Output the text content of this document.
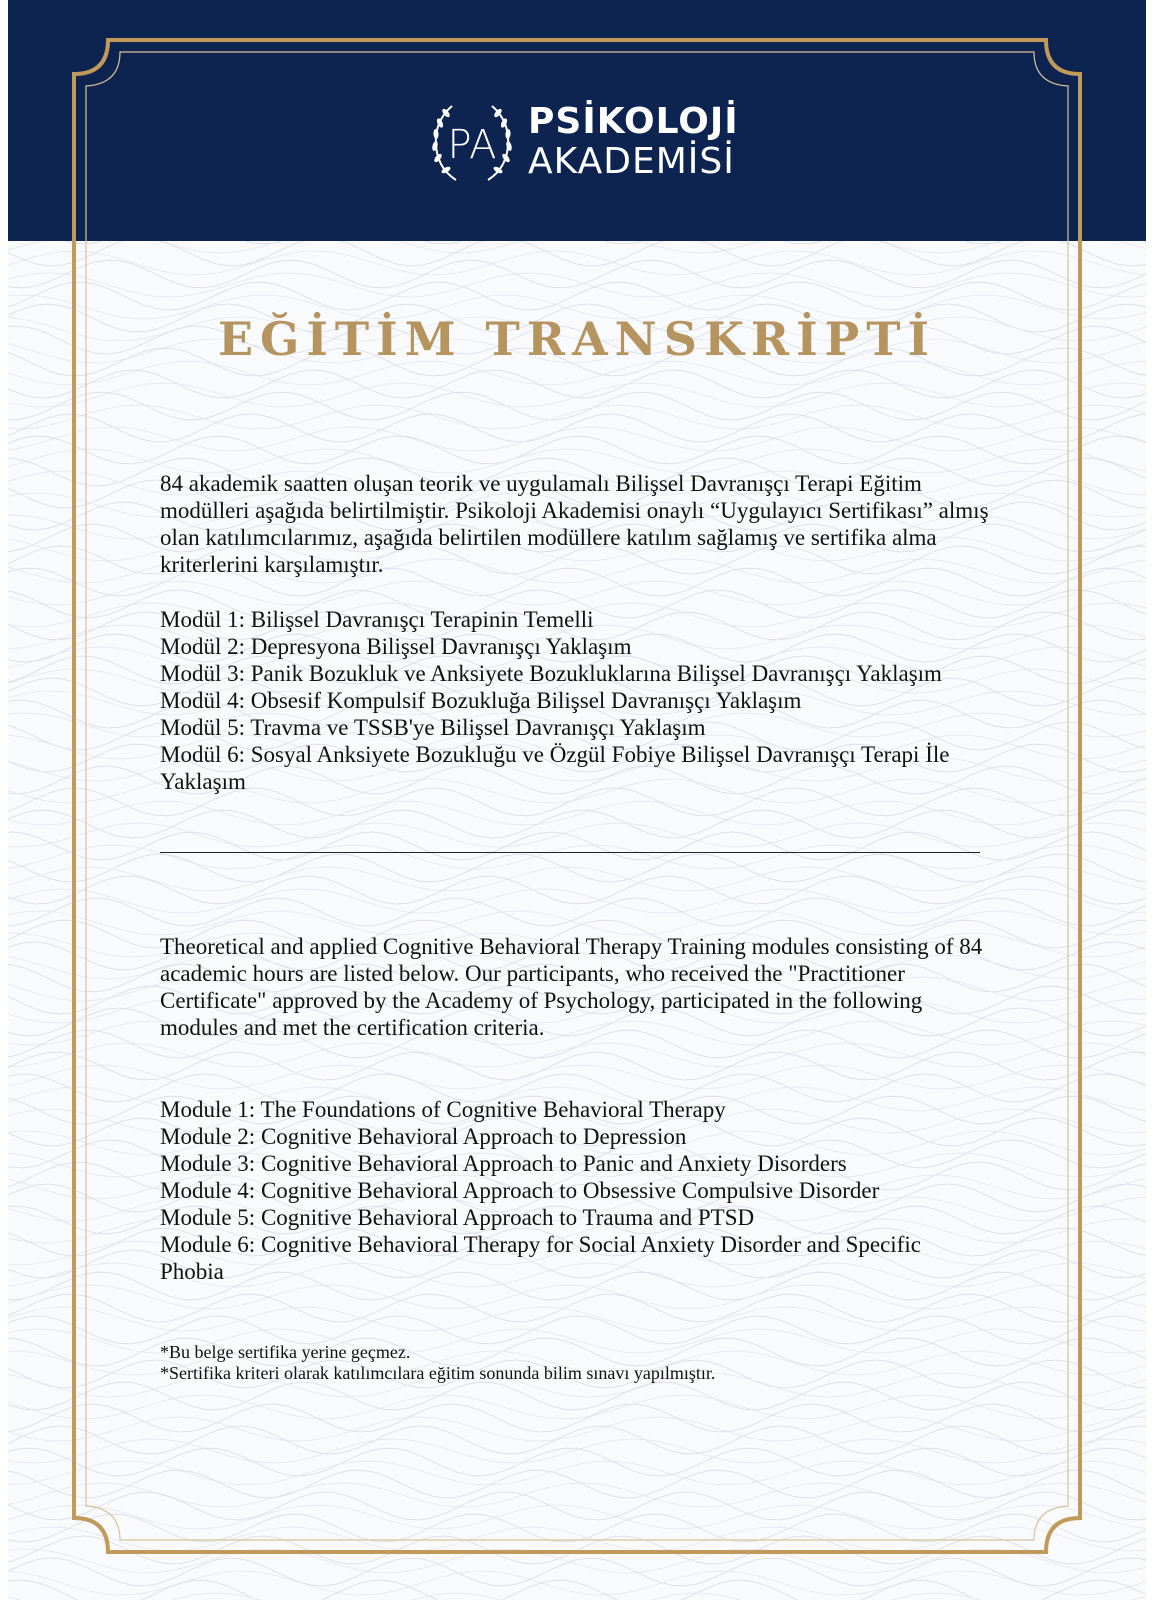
PA
PSİKOLOJİ
AKADEMİSİ
EĞİTİM TRANSKRİPTİ

84 akademik saatten oluşan teorik ve uygulamalı Bilişsel Davranışçı Terapi Eğitim modülleri aşağıda belirtilmiştir. Psikoloji Akademisi onaylı “Uygulayıcı Sertifikası” almış olan katılımcılarımız, aşağıda belirtilen modüllere katılım sağlamış ve sertifika alma kriterlerini karşılamıştır.

Modül 1: Bilişsel Davranışçı Terapinin Temelli
Modül 2: Depresyona Bilişsel Davranışçı Yaklaşım
Modül 3: Panik Bozukluk ve Anksiyete Bozukluklarına Bilişsel Davranışçı Yaklaşım
Modül 4: Obsesif Kompulsif Bozukluğa Bilişsel Davranışçı Yaklaşım
Modül 5: Travma ve TSSB'ye Bilişsel Davranışçı Yaklaşım
Modül 6: Sosyal Anksiyete Bozukluğu ve Özgül Fobiye Bilişsel Davranışçı Terapi İle Yaklaşım

Theoretical and applied Cognitive Behavioral Therapy Training modules consisting of 84 academic hours are listed below. Our participants, who received the "Practitioner Certificate" approved by the Academy of Psychology, participated in the following modules and met the certification criteria.

Module 1: The Foundations of Cognitive Behavioral Therapy
Module 2: Cognitive Behavioral Approach to Depression
Module 3: Cognitive Behavioral Approach to Panic and Anxiety Disorders
Module 4: Cognitive Behavioral Approach to Obsessive Compulsive Disorder
Module 5: Cognitive Behavioral Approach to Trauma and PTSD
Module 6: Cognitive Behavioral Therapy for Social Anxiety Disorder and Specific Phobia

*Bu belge sertifika yerine geçmez.

*Sertifika kriteri olarak katılımcılara eğitim sonunda bilim sınavı yapılmıştır.
